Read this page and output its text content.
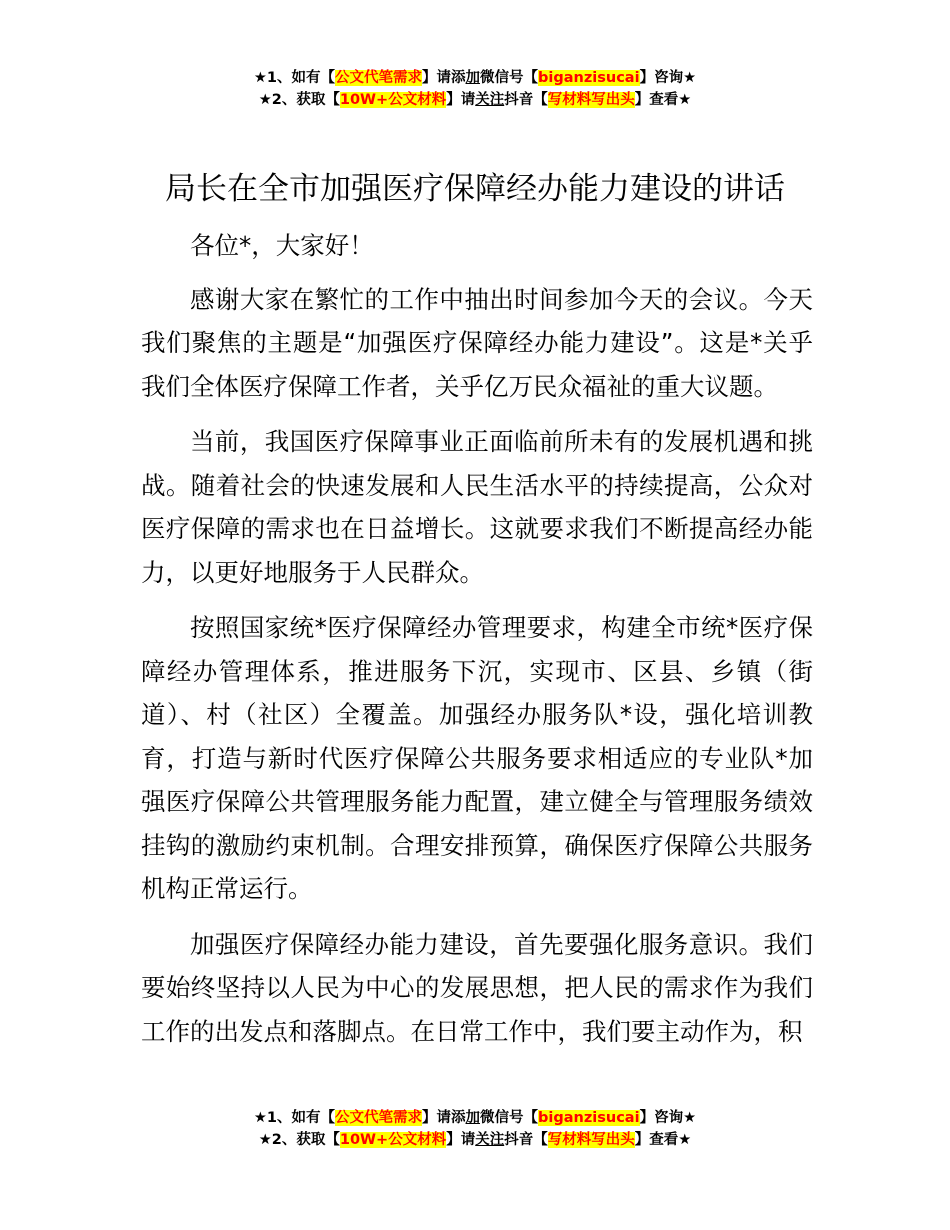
★1、如有【公文代笔需求】请添加微信号【biganzisucai】咨询★
★2、获取【10W+公文材料】请关注抖音【写材料写出头】查看★
局长在全市加强医疗保障经办能力建设的讲话

各位*，大家好！

感谢大家在繁忙的工作中抽出时间参加今天的会议。今天我们聚焦的主题是“加强医疗保障经办能力建设”。这是*关乎我们全体医疗保障工作者，关乎亿万民众福祉的重大议题。

当前，我国医疗保障事业正面临前所未有的发展机遇和挑战。随着社会的快速发展和人民生活水平的持续提高，公众对医疗保障的需求也在日益增长。这就要求我们不断提高经办能力，以更好地服务于人民群众。

按照国家统*医疗保障经办管理要求，构建全市统*医疗保障经办管理体系，推进服务下沉，实现市、区县、乡镇（街道）、村（社区）全覆盖。加强经办服务队*设，强化培训教育，打造与新时代医疗保障公共服务要求相适应的专业队*加强医疗保障公共管理服务能力配置，建立健全与管理服务绩效挂钩的激励约束机制。合理安排预算，确保医疗保障公共服务机构正常运行。

加强医疗保障经办能力建设，首先要强化服务意识。我们要始终坚持以人民为中心的发展思想，把人民的需求作为我们工作的出发点和落脚点。在日常工作中，我们要主动作为，积

★1、如有【公文代笔需求】请添加微信号【biganzisucai】咨询★
★2、获取【10W+公文材料】请关注抖音【写材料写出头】查看★
